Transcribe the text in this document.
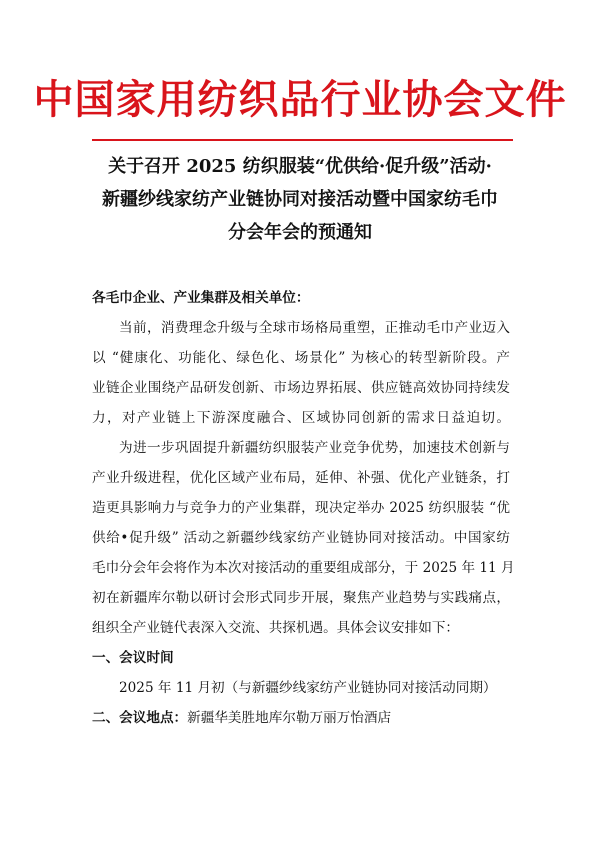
中国家用纺织品行业协会文件
关于召开 2025 纺织服装“优供给·促升级”活动·
新疆纱线家纺产业链协同对接活动暨中国家纺毛巾
分会年会的预通知
各毛巾企业、产业集群及相关单位：
当前，消费理念升级与全球市场格局重塑，正推动毛巾产业迈入
以 “健康化、功能化、绿色化、场景化” 为核心的转型新阶段。产
业链企业围绕产品研发创新、市场边界拓展、供应链高效协同持续发
力，对产业链上下游深度融合、区域协同创新的需求日益迫切。
为进一步巩固提升新疆纺织服装产业竞争优势，加速技术创新与
产业升级进程，优化区域产业布局，延伸、补强、优化产业链条，打
造更具影响力与竞争力的产业集群，现决定举办 2025 纺织服装 “优
供给•促升级” 活动之新疆纱线家纺产业链协同对接活动。中国家纺
毛巾分会年会将作为本次对接活动的重要组成部分，于 2025 年 11 月
初在新疆库尔勒以研讨会形式同步开展，聚焦产业趋势与实践痛点，
组织全产业链代表深入交流、共探机遇。具体会议安排如下：
一、会议时间
2025 年 11 月初（与新疆纱线家纺产业链协同对接活动同期）
二、会议地点：新疆华美胜地库尔勒万丽万怡酒店
